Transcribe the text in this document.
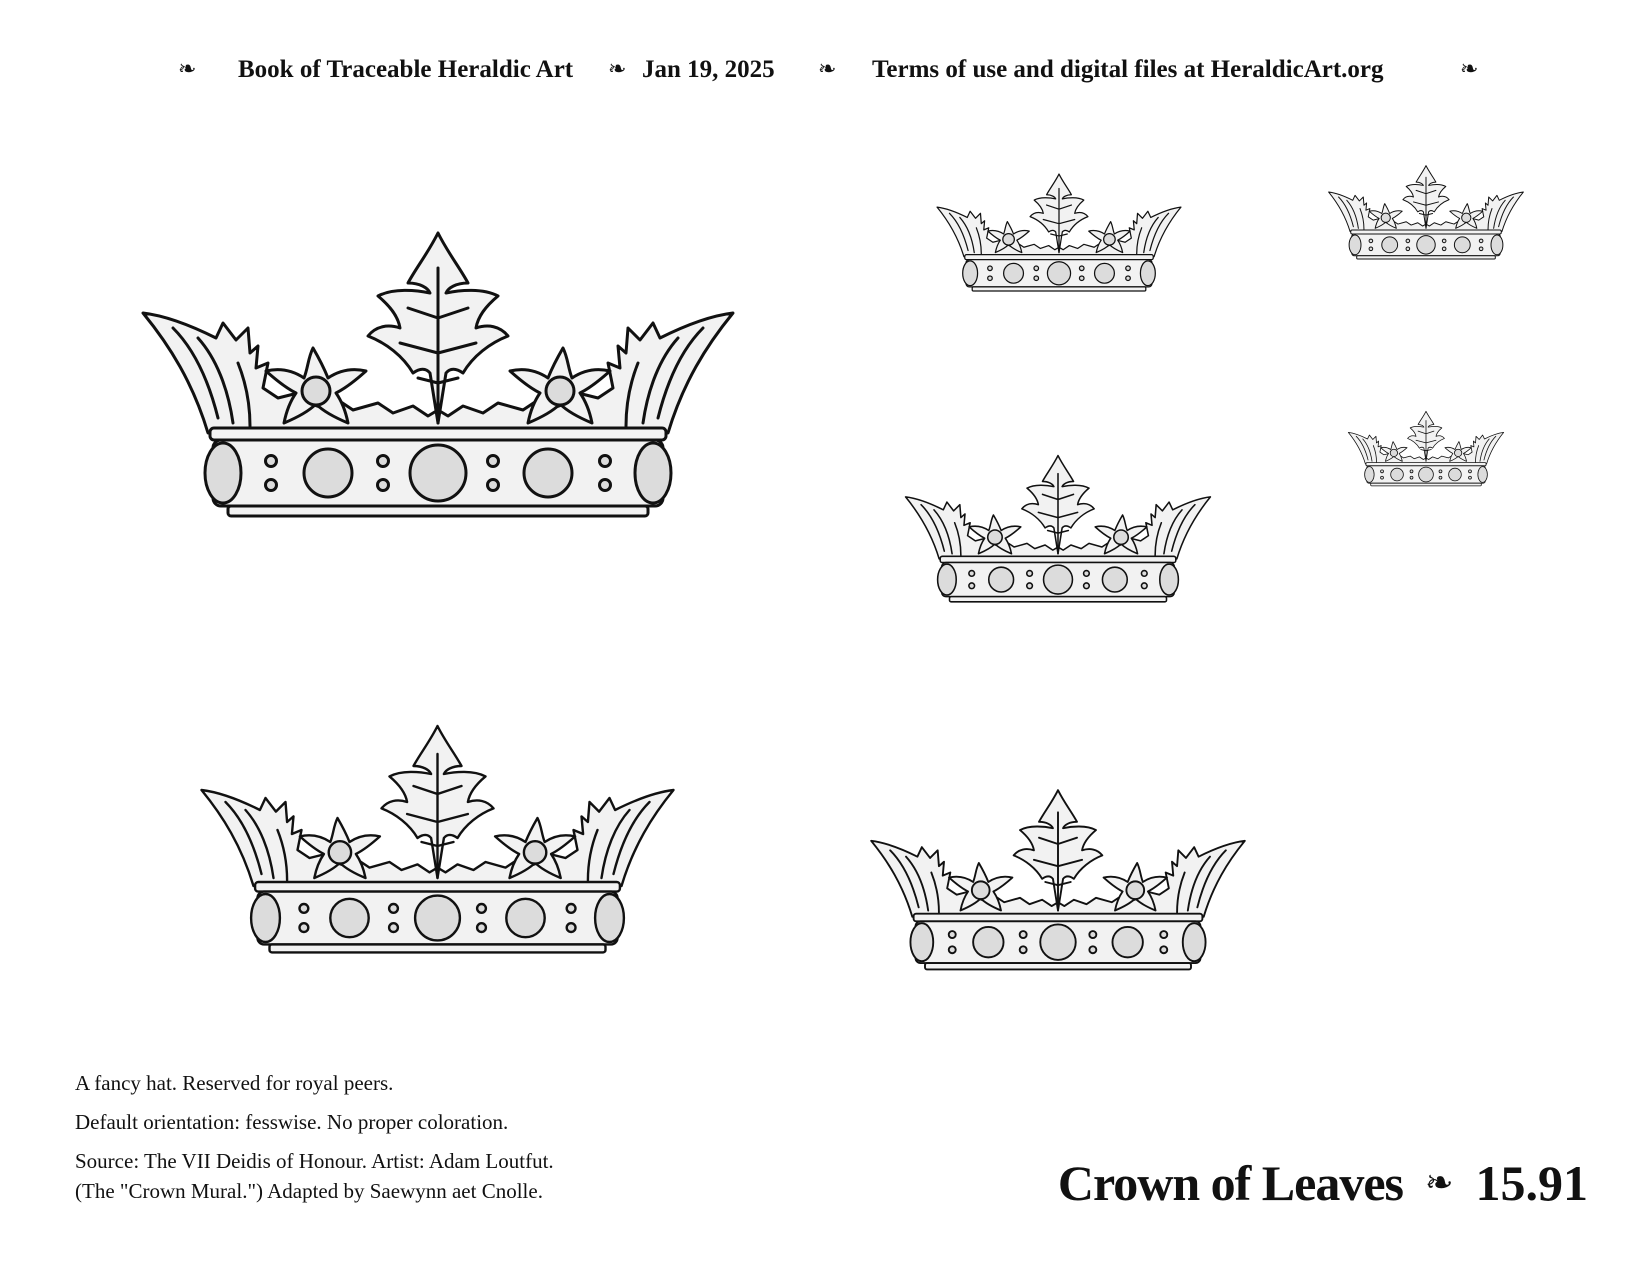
❧ Book of Traceable Heraldic Art ❧ Jan 19, 2025 ❧ Terms of use and digital files at HeraldicArt.org	❧
A fancy hat. Reserved for royal peers.
Default orientation: fesswise. No proper coloration.
Source: The VII Deidis of Honour. Artist: Adam Loutfut.
(The "Crown Mural.") Adapted by Saewynn aet Cnolle.	Crown of Leaves ❧ 15.91
